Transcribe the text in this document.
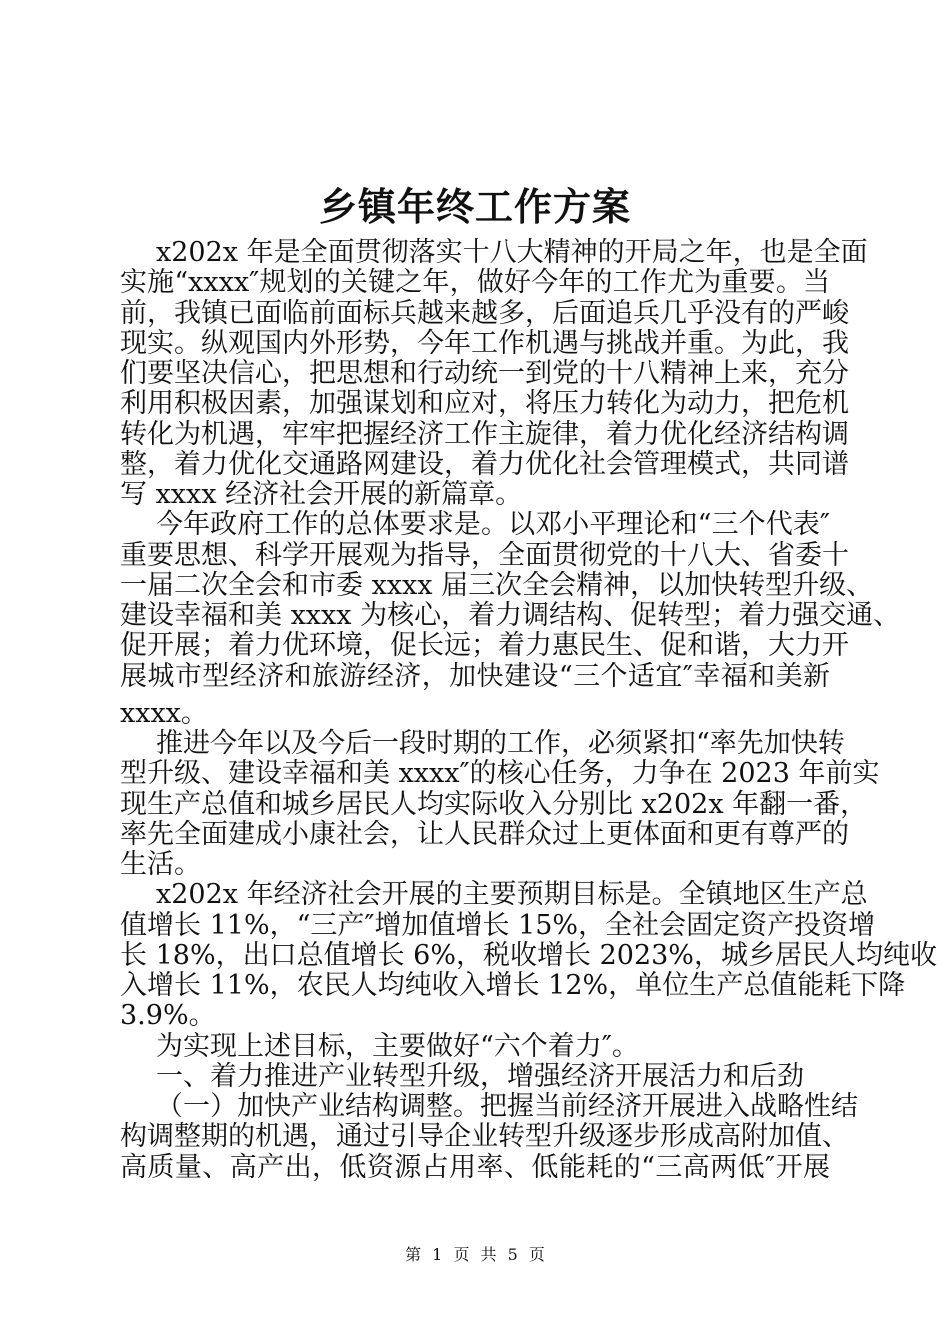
乡镇年终工作方案
x202x 年是全面贯彻落实十八大精神的开局之年，也是全面
实施“xxxx″规划的关键之年，做好今年的工作尤为重要。当
前，我镇已面临前面标兵越来越多，后面追兵几乎没有的严峻
现实。纵观国内外形势，今年工作机遇与挑战并重。为此，我
们要坚决信心，把思想和行动统一到党的十八精神上来，充分
利用积极因素，加强谋划和应对，将压力转化为动力，把危机
转化为机遇，牢牢把握经济工作主旋律，着力优化经济结构调
整，着力优化交通路网建设，着力优化社会管理模式，共同谱
写 xxxx 经济社会开展的新篇章。
今年政府工作的总体要求是。以邓小平理论和“三个代表″
重要思想、科学开展观为指导，全面贯彻党的十八大、省委十
一届二次全会和市委 xxxx 届三次全会精神，以加快转型升级、
建设幸福和美 xxxx 为核心，着力调结构、促转型；着力强交通、
促开展；着力优环境，促长远；着力惠民生、促和谐，大力开
展城市型经济和旅游经济，加快建设“三个适宜″幸福和美新
xxxx。
推进今年以及今后一段时期的工作，必须紧扣“率先加快转
型升级、建设幸福和美 xxxx″的核心任务，力争在 2023 年前实
现生产总值和城乡居民人均实际收入分别比 x202x 年翻一番，
率先全面建成小康社会，让人民群众过上更体面和更有尊严的
生活。
x202x 年经济社会开展的主要预期目标是。全镇地区生产总
值增长 11%，“三产″增加值增长 15%，全社会固定资产投资增
长 18%，出口总值增长 6%，税收增长 2023%，城乡居民人均纯收
入增长 11%，农民人均纯收入增长 12%，单位生产总值能耗下降
3.9%。
为实现上述目标，主要做好“六个着力″。
一、着力推进产业转型升级，增强经济开展活力和后劲
（一）加快产业结构调整。把握当前经济开展进入战略性结
构调整期的机遇，通过引导企业转型升级逐步形成高附加值、
高质量、高产出，低资源占用率、低能耗的“三高两低″开展
第 1 页 共 5 页
